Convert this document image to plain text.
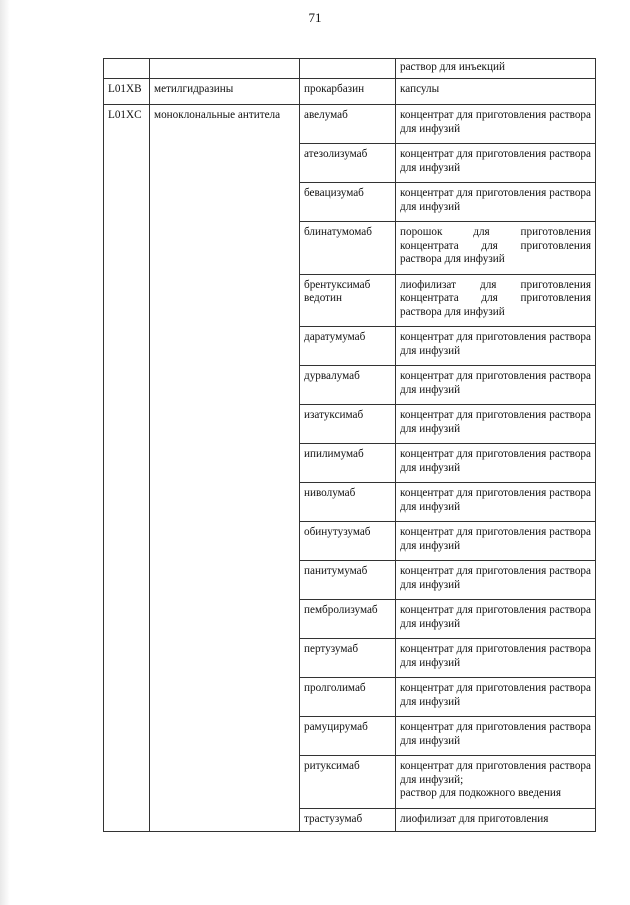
71
			раствор для инъекций
L01XB	метилгидразины	прокарбазин	капсулы
L01XC	моноклональные антитела	авелумаб	концентрат для приготовления раствора для инфузий
		атезолизумаб	концентрат для приготовления раствора для инфузий
		бевацизумаб	концентрат для приготовления раствора для инфузий
		блинатумомаб	порошок для приготовления концентрата для приготовления раствора для инфузий
		брентуксимаб ведотин	лиофилизат для приготовления концентрата для приготовления раствора для инфузий
		даратумумаб	концентрат для приготовления раствора для инфузий
		дурвалумаб	концентрат для приготовления раствора для инфузий
		изатуксимаб	концентрат для приготовления раствора для инфузий
		ипилимумаб	концентрат для приготовления раствора для инфузий
		ниволумаб	концентрат для приготовления раствора для инфузий
		обинутузумаб	концентрат для приготовления раствора для инфузий
		панитумумаб	концентрат для приготовления раствора для инфузий
		пембролизумаб	концентрат для приготовления раствора для инфузий
		пертузумаб	концентрат для приготовления раствора для инфузий
		пролголимаб	концентрат для приготовления раствора для инфузий
		рамуцирумаб	концентрат для приготовления раствора для инфузий
		ритуксимаб	концентрат для приготовления раствора для инфузий;
раствор для подкожного введения
		трастузумаб	лиофилизат для приготовления
